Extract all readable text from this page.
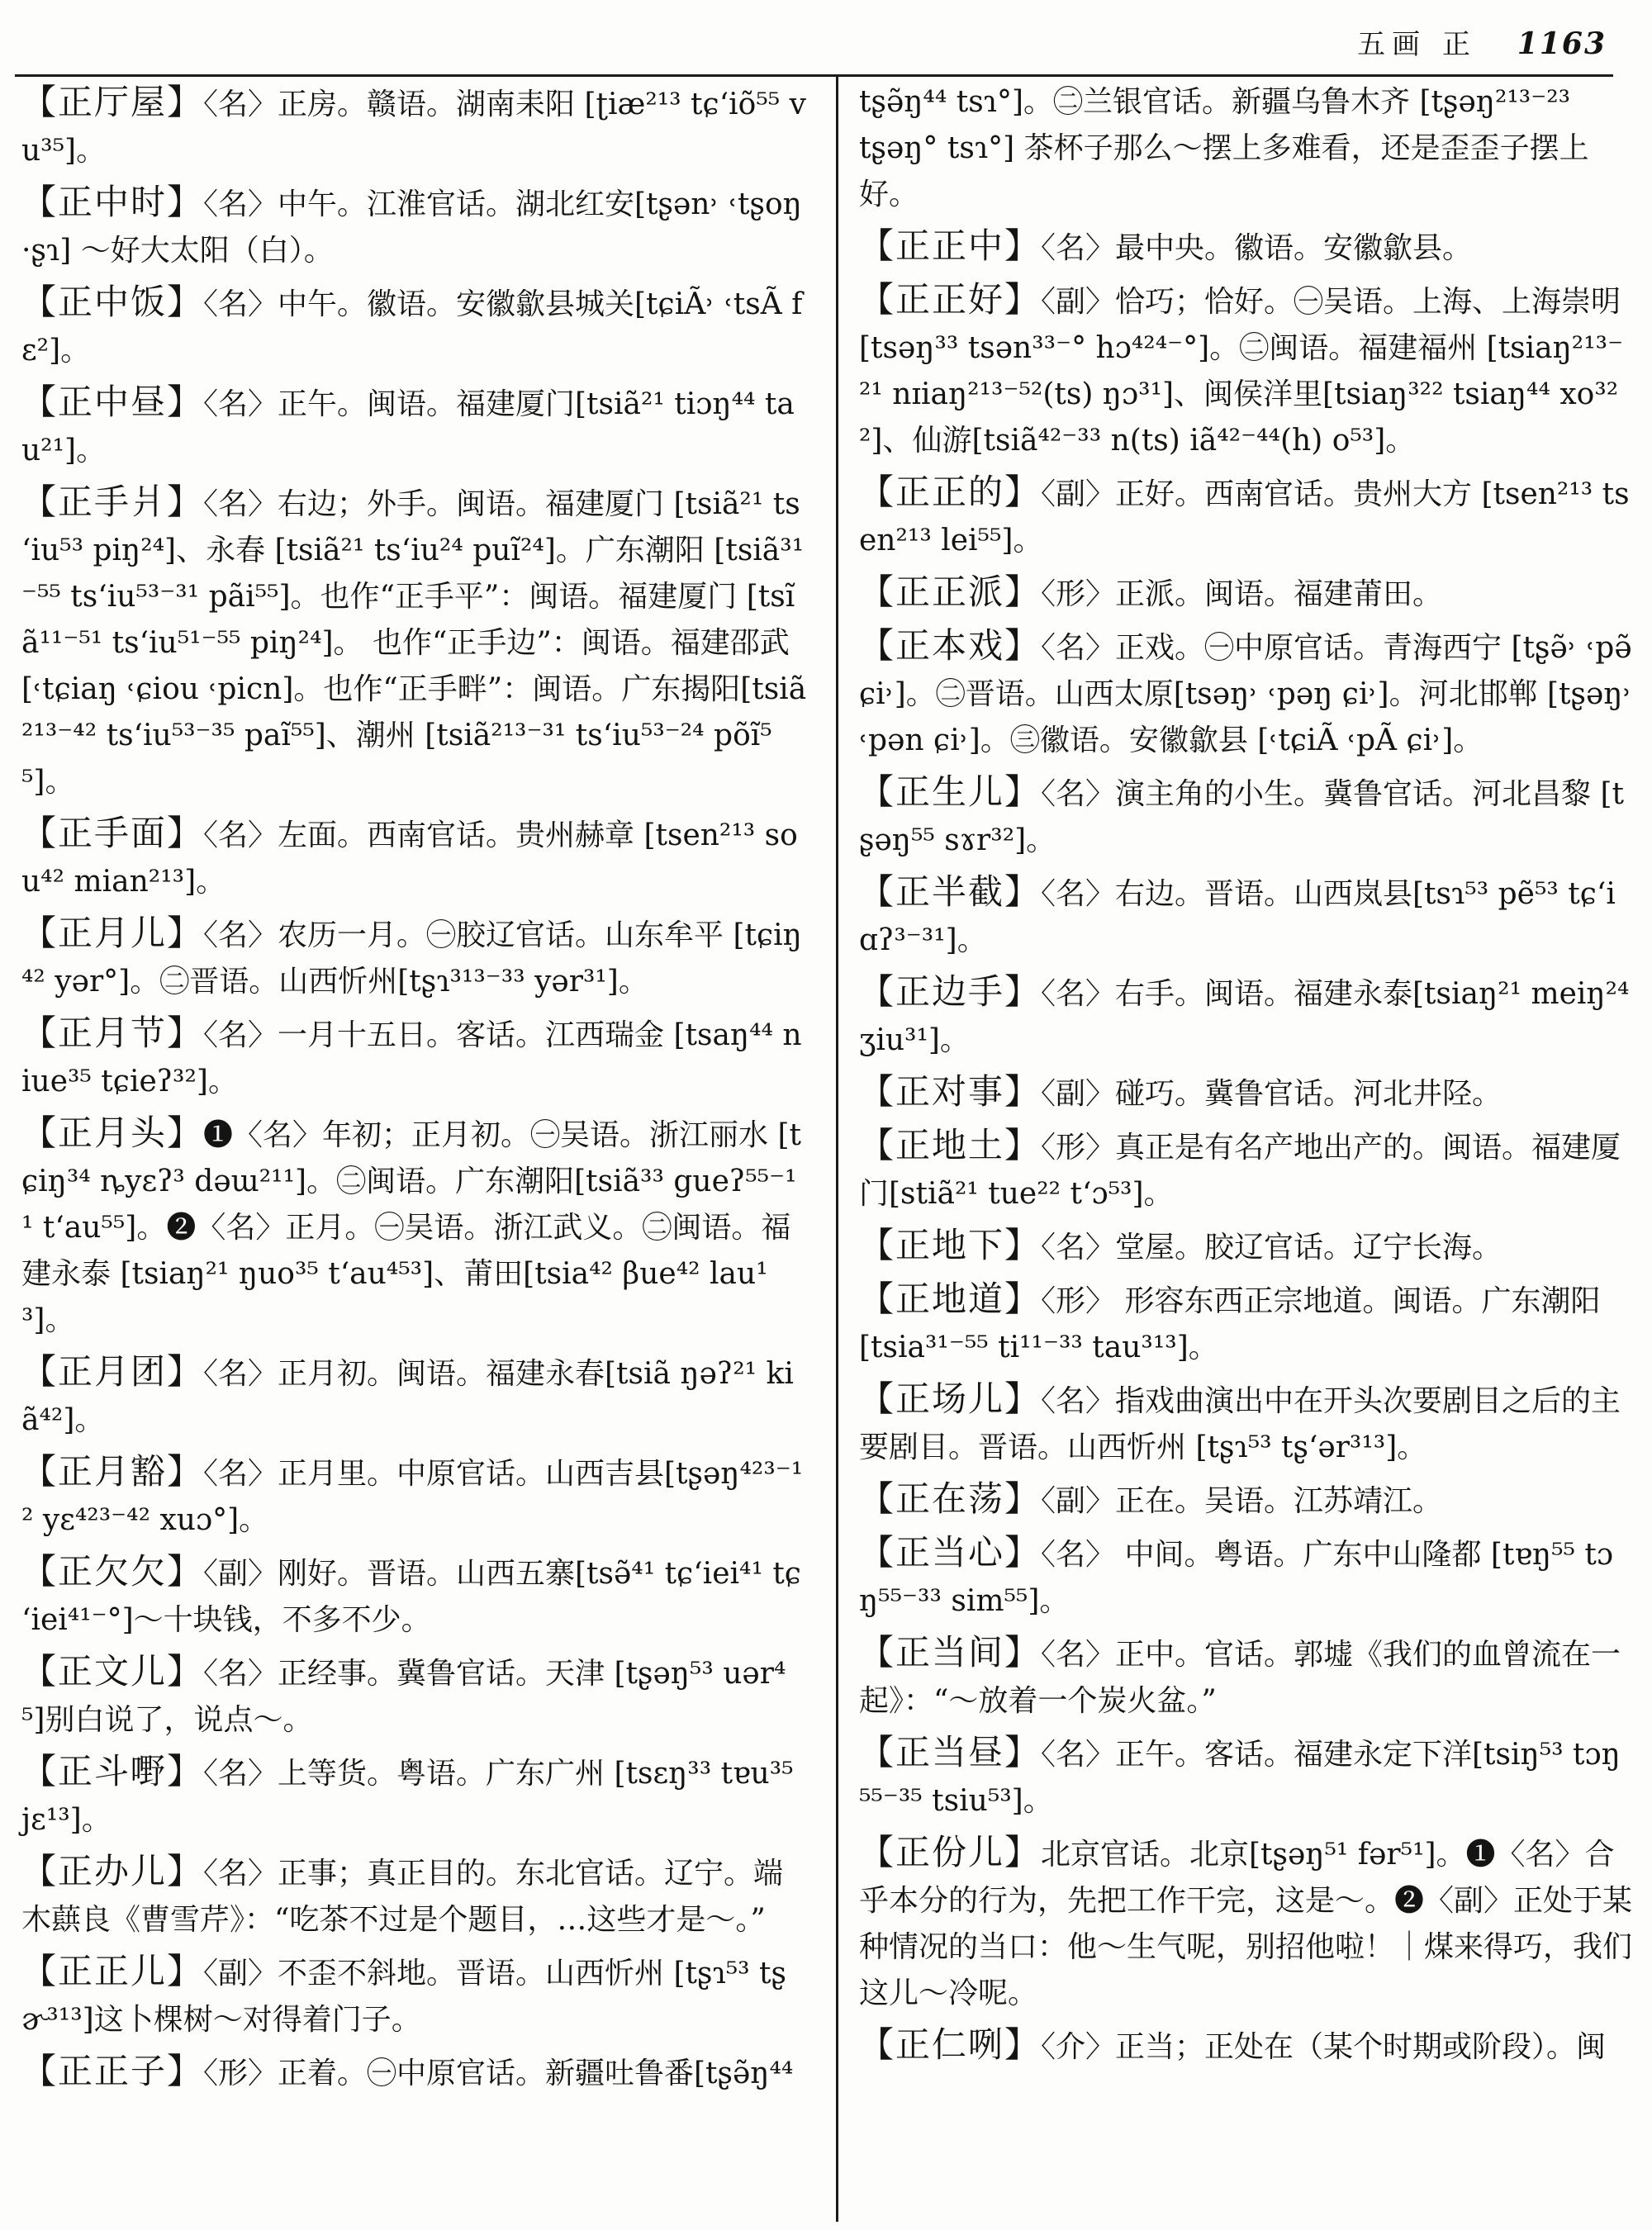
五画 正 1163

【正厅屋】〈名〉正房。赣语。湖南耒阳 [ʈiæ²¹³ tɕʻiõ⁵⁵ vu³⁵]。

【正中时】〈名〉中午。江淮官话。湖北红安[tʂən˒ ˓tʂoŋ ·ʂɿ] ～好大太阳（白）。

【正中饭】〈名〉中午。徽语。安徽歙县城关[tɕiÃ˒ ˓tsÃ fɛ²]。

【正中昼】〈名〉正午。闽语。福建厦门[tsiã²¹ tiɔŋ⁴⁴ tau²¹]。

【正手爿】〈名〉右边；外手。闽语。福建厦门 [tsiã²¹ tsʻiu⁵³ piŋ²⁴]、永春 [tsiã²¹ tsʻiu²⁴ puĩ²⁴]。广东潮阳 [tsiã³¹⁻⁵⁵ tsʻiu⁵³⁻³¹ pãi⁵⁵]。也作“正手平”：闽语。福建厦门 [tsĩã¹¹⁻⁵¹ tsʻiu⁵¹⁻⁵⁵ piŋ²⁴]。 也作“正手边”：闽语。福建邵武[˓tɕiaŋ ˓ɕiou ˓picn]。也作“正手畔”：闽语。广东揭阳[tsiã²¹³⁻⁴² tsʻiu⁵³⁻³⁵ paĩ⁵⁵]、潮州 [tsiã²¹³⁻³¹ tsʻiu⁵³⁻²⁴ põĩ⁵⁵]。

【正手面】〈名〉左面。西南官话。贵州赫章 [tsen²¹³ sou⁴² mian²¹³]。

【正月儿】〈名〉农历一月。㊀胶辽官话。山东牟平 [tɕiŋ⁴² yər°]。㊁晋语。山西忻州[tʂɿ³¹³⁻³³ yər³¹]。

【正月节】〈名〉一月十五日。客话。江西瑞金 [tsaŋ⁴⁴ niue³⁵ tɕieʔ³²]。

【正月头】❶〈名〉年初；正月初。㊀吴语。浙江丽水 [tɕiŋ³⁴ ȵyɛʔ³ dəɯ²¹¹]。㊁闽语。广东潮阳[tsiã³³ gueʔ⁵⁵⁻¹¹ tʻau⁵⁵]。❷〈名〉正月。㊀吴语。浙江武义。㊁闽语。福建永泰 [tsiaŋ²¹ ŋuo³⁵ tʻau⁴⁵³]、莆田[tsia⁴² βue⁴² lau¹³]。

【正月团】〈名〉正月初。闽语。福建永春[tsiã ŋəʔ²¹ kiã⁴²]。

【正月豁】〈名〉正月里。中原官话。山西吉县[tʂəŋ⁴²³⁻¹² yɛ⁴²³⁻⁴² xuɔ°]。

【正欠欠】〈副〉刚好。晋语。山西五寨[tsə̃⁴¹ tɕʻiei⁴¹ tɕʻiei⁴¹⁻°]～十块钱，不多不少。

【正文儿】〈名〉正经事。冀鲁官话。天津 [tʂəŋ⁵³ uər⁴⁵]别白说了，说点～。

【正斗嘢】〈名〉上等货。粤语。广东广州 [tsɛŋ³³ tɐu³⁵ jɛ¹³]。

【正办儿】〈名〉正事；真正目的。东北官话。辽宁。端木蕻良《曹雪芹》：“吃茶不过是个题目，…这些才是～。”

【正正儿】〈副〉不歪不斜地。晋语。山西忻州 [tʂɿ⁵³ tʂɚ³¹³]这卜棵树～对得着门子。

【正正子】〈形〉正着。㊀中原官话。新疆吐鲁番[tʂə̃ŋ⁴⁴

tʂə̃ŋ⁴⁴ tsɿ°]。㊁兰银官话。新疆乌鲁木齐 [tʂəŋ²¹³⁻²³ tʂəŋ° tsɿ°] 茶杯子那么～摆上多难看，还是歪歪子摆上好。

【正正中】〈名〉最中央。徽语。安徽歙县。

【正正好】〈副〉恰巧；恰好。㊀吴语。上海、上海崇明 [tsəŋ³³ tsən³³⁻° hɔ⁴²⁴⁻°]。㊁闽语。福建福州 [tsiaŋ²¹³⁻²¹ nɪiaŋ²¹³⁻⁵²(ts) ŋɔ³¹]、闽侯洋里[tsiaŋ³²² tsiaŋ⁴⁴ xo³²²]、仙游[tsiã⁴²⁻³³ n(ts) iã⁴²⁻⁴⁴(h) o⁵³]。

【正正的】〈副〉正好。西南官话。贵州大方 [tsen²¹³ tsen²¹³ lei⁵⁵]。

【正正派】〈形〉正派。闽语。福建莆田。

【正本戏】〈名〉正戏。㊀中原官话。青海西宁 [tʂə̃˒ ˓pə̃ ɕi˒]。㊁晋语。山西太原[tsəŋ˒ ˓pəŋ ɕi˒]。河北邯郸 [tʂəŋ˒ ˓pən ɕi˒]。㊂徽语。安徽歙县 [˓tɕiÃ ˓pÃ ɕi˒]。

【正生儿】〈名〉演主角的小生。冀鲁官话。河北昌黎 [tʂəŋ⁵⁵ sɤr³²]。

【正半截】〈名〉右边。晋语。山西岚县[tsɿ⁵³ pẽ⁵³ tɕʻiɑʔ³⁻³¹]。

【正边手】〈名〉右手。闽语。福建永泰[tsiaŋ²¹ meiŋ²⁴ ʒiu³¹]。

【正对事】〈副〉碰巧。冀鲁官话。河北井陉。

【正地土】〈形〉真正是有名产地出产的。闽语。福建厦门[stiã²¹ tue²² tʻɔ⁵³]。

【正地下】〈名〉堂屋。胶辽官话。辽宁长海。

【正地道】〈形〉 形容东西正宗地道。闽语。广东潮阳 [tsia³¹⁻⁵⁵ ti¹¹⁻³³ tau³¹³]。

【正场儿】〈名〉指戏曲演出中在开头次要剧目之后的主要剧目。晋语。山西忻州 [tʂɿ⁵³ tʂʻər³¹³]。

【正在荡】〈副〉正在。吴语。江苏靖江。

【正当心】〈名〉 中间。粤语。广东中山隆都 [tɐŋ⁵⁵ tɔŋ⁵⁵⁻³³ sim⁵⁵]。

【正当间】〈名〉正中。官话。郭墟《我们的血曾流在一起》：“～放着一个炭火盆。”

【正当昼】〈名〉正午。客话。福建永定下洋[tsiŋ⁵³ tɔŋ⁵⁵⁻³⁵ tsiu⁵³]。

【正份儿】北京官话。北京[tʂəŋ⁵¹ fər⁵¹]。❶〈名〉合乎本分的行为，先把工作干完，这是～。❷〈副〉正处于某种情况的当口：他～生气呢，别招他啦！｜煤来得巧，我们这儿～冷呢。

【正仁咧】〈介〉正当；正处在（某个时期或阶段）。闽
